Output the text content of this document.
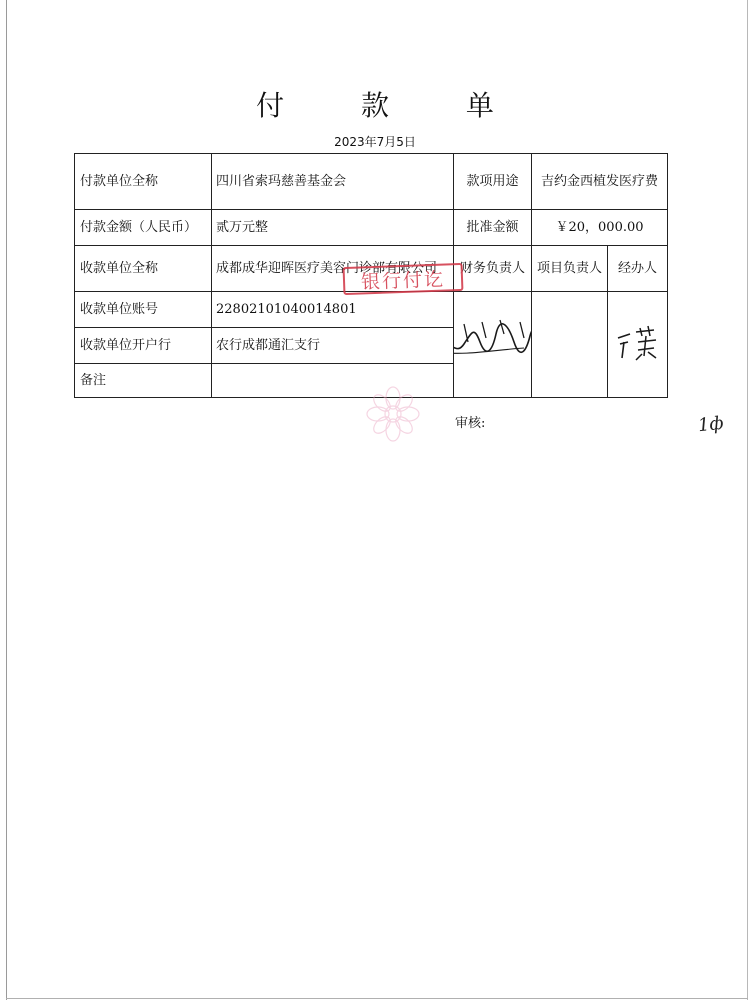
付 款 单
2023年7月5日
付款单位全称	四川省索玛慈善基金会	款项用途	吉约金西植发医疗费	
付款金额（人民币）	贰万元整	批准金额	￥20，000.00	
收款单位全称	成都成华迎晖医疗美容门诊部有限公司	财务负责人	项目负责人	经办人
收款单位账号	22802101040014801	

收款单位开户行	农行成都通汇支行			
备注				
银行付讫
审核:	1ф
